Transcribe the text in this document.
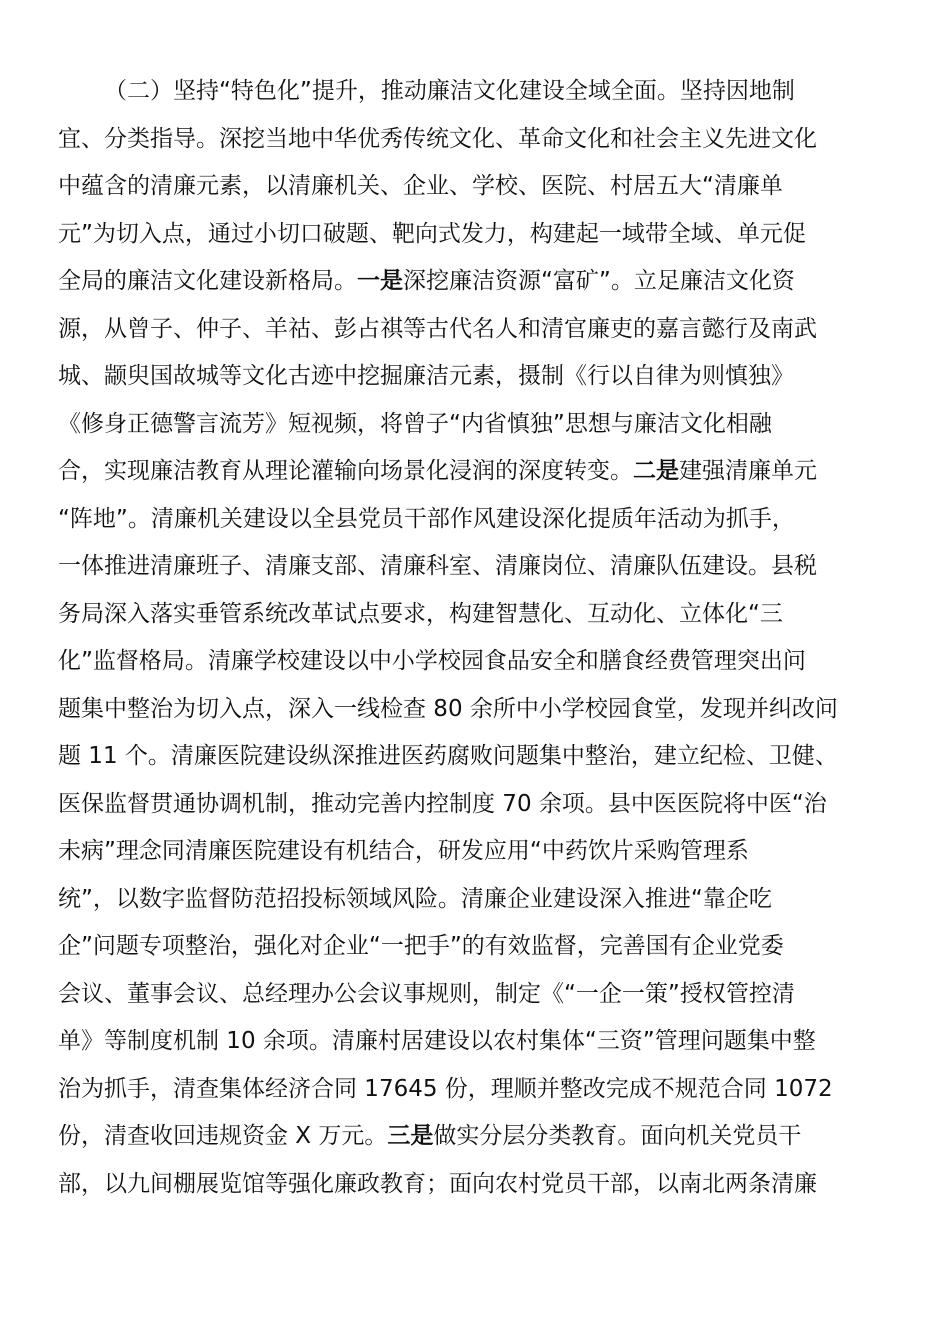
（二）坚持“特色化”提升，推动廉洁文化建设全域全面。坚持因地制
宜、分类指导。深挖当地中华优秀传统文化、革命文化和社会主义先进文化
中蕴含的清廉元素，以清廉机关、企业、学校、医院、村居五大“清廉单
元”为切入点，通过小切口破题、靶向式发力，构建起一域带全域、单元促
全局的廉洁文化建设新格局。一是深挖廉洁资源“富矿”。立足廉洁文化资
源，从曾子、仲子、羊祜、彭占祺等古代名人和清官廉吏的嘉言懿行及南武
城、颛臾国故城等文化古迹中挖掘廉洁元素，摄制《行以自律为则慎独》
《修身正德警言流芳》短视频，将曾子“内省慎独”思想与廉洁文化相融
合，实现廉洁教育从理论灌输向场景化浸润的深度转变。二是建强清廉单元
“阵地”。清廉机关建设以全县党员干部作风建设深化提质年活动为抓手，
一体推进清廉班子、清廉支部、清廉科室、清廉岗位、清廉队伍建设。县税
务局深入落实垂管系统改革试点要求，构建智慧化、互动化、立体化“三
化”监督格局。清廉学校建设以中小学校园食品安全和膳食经费管理突出问
题集中整治为切入点，深入一线检查 80 余所中小学校园食堂，发现并纠改问
题 11 个。清廉医院建设纵深推进医药腐败问题集中整治，建立纪检、卫健、
医保监督贯通协调机制，推动完善内控制度 70 余项。县中医医院将中医“治
未病”理念同清廉医院建设有机结合，研发应用“中药饮片采购管理系
统”，以数字监督防范招投标领域风险。清廉企业建设深入推进“靠企吃
企”问题专项整治，强化对企业“一把手”的有效监督，完善国有企业党委
会议、董事会议、总经理办公会议事规则，制定《“一企一策”授权管控清
单》等制度机制 10 余项。清廉村居建设以农村集体“三资”管理问题集中整
治为抓手，清查集体经济合同 17645 份，理顺并整改完成不规范合同 1072
份，清查收回违规资金 X 万元。三是做实分层分类教育。面向机关党员干
部，以九间棚展览馆等强化廉政教育；面向农村党员干部，以南北两条清廉
